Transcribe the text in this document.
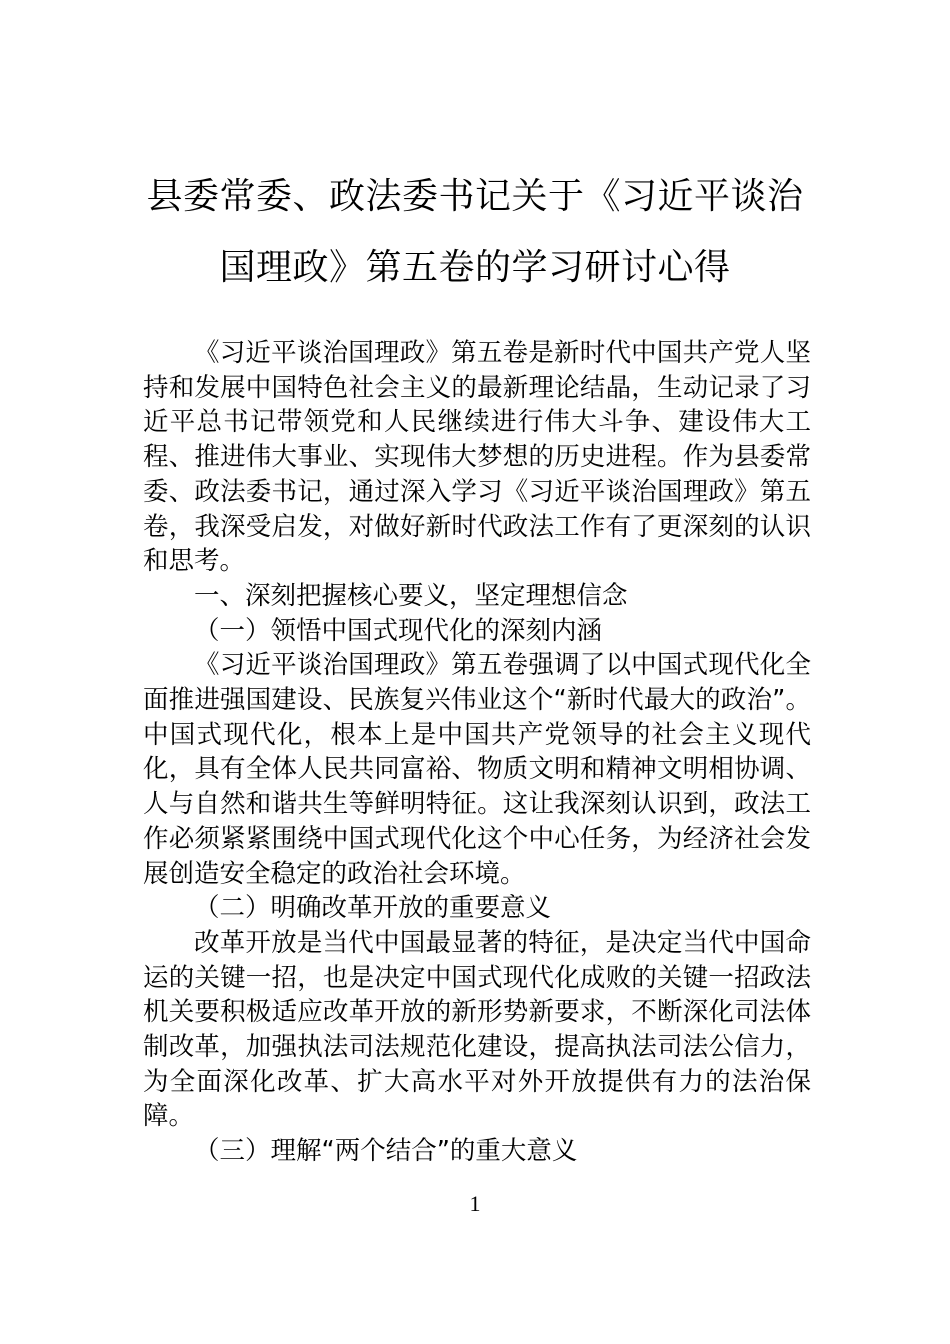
县委常委、政法委书记关于《习近平谈治
国理政》第五卷的学习研讨心得

《习近平谈治国理政》第五卷是新时代中国共产党人坚持和发展中国特色社会主义的最新理论结晶，生动记录了习近平总书记带领党和人民继续进行伟大斗争、建设伟大工程、推进伟大事业、实现伟大梦想的历史进程。作为县委常委、政法委书记，通过深入学习《习近平谈治国理政》第五卷，我深受启发，对做好新时代政法工作有了更深刻的认识和思考。

一、深刻把握核心要义，坚定理想信念

（一）领悟中国式现代化的深刻内涵

《习近平谈治国理政》第五卷强调了以中国式现代化全面推进强国建设、民族复兴伟业这个“新时代最大的政治”。中国式现代化，根本上是中国共产党领导的社会主义现代化，具有全体人民共同富裕、物质文明和精神文明相协调、人与自然和谐共生等鲜明特征。这让我深刻认识到，政法工作必须紧紧围绕中国式现代化这个中心任务，为经济社会发展创造安全稳定的政治社会环境。

（二）明确改革开放的重要意义

改革开放是当代中国最显著的特征，是决定当代中国命运的关键一招，也是决定中国式现代化成败的关键一招政法机关要积极适应改革开放的新形势新要求，不断深化司法体制改革，加强执法司法规范化建设，提高执法司法公信力，为全面深化改革、扩大高水平对外开放提供有力的法治保障。

（三）理解“两个结合”的重大意义

1
